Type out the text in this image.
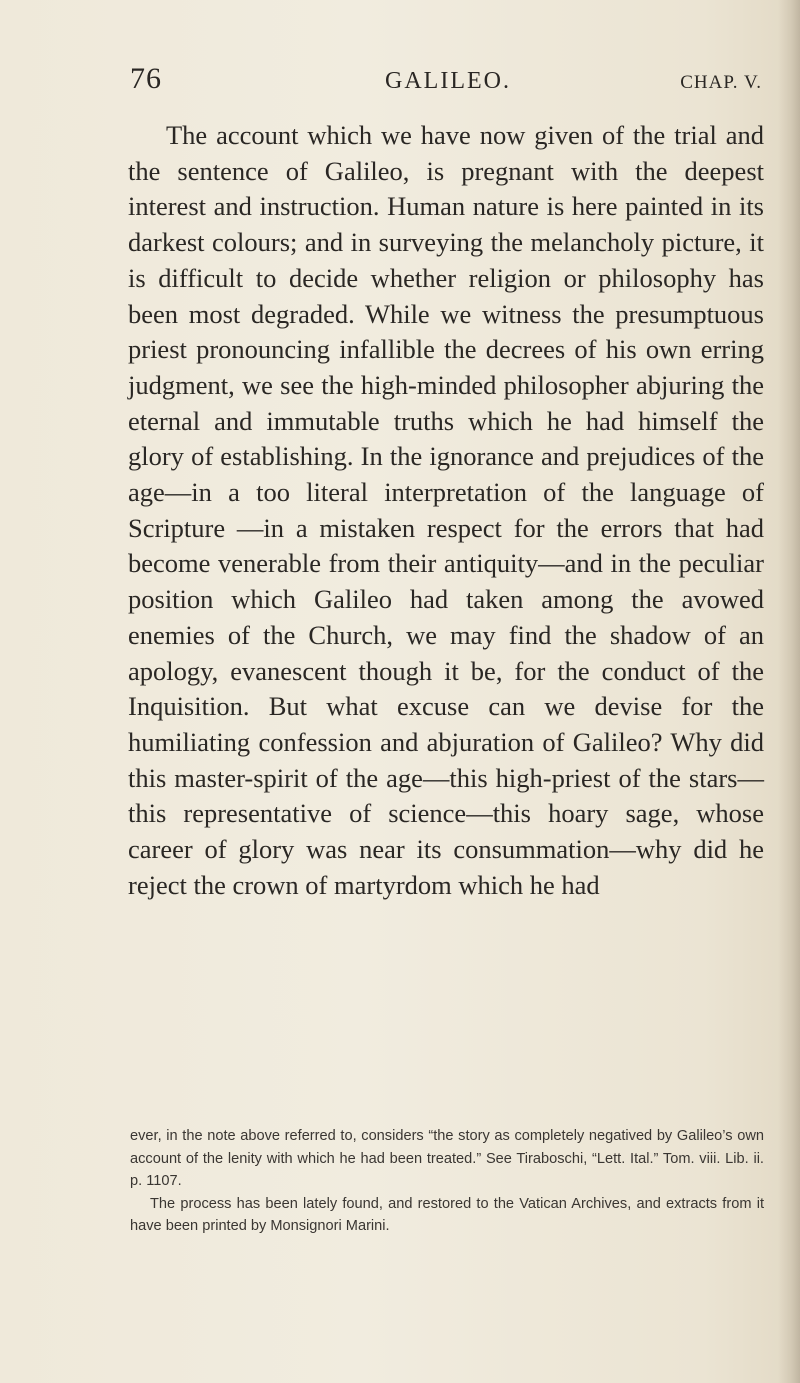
76	GALILEO.	CHAP. V.

The account which we have now given of the trial and the sentence of Galileo, is pregnant with the deepest interest and instruction. Human nature is here painted in its darkest colours; and in surveying the melancholy picture, it is difficult to decide whether religion or philosophy has been most degraded. While we witness the presumptuous priest pronouncing infallible the decrees of his own erring judgment, we see the high-minded philosopher abjuring the eternal and immutable truths which he had himself the glory of establishing. In the ignorance and prejudices of the age—in a too literal interpretation of the language of Scripture —in a mistaken respect for the errors that had become venerable from their antiquity—and in the peculiar position which Galileo had taken among the avowed enemies of the Church, we may find the shadow of an apology, evanescent though it be, for the conduct of the Inquisition. But what excuse can we devise for the humiliating confession and abjuration of Galileo? Why did this master-spirit of the age—this high-priest of the stars—this representative of science—this hoary sage, whose career of glory was near its consummation—why did he reject the crown of martyrdom which he had

ever, in the note above referred to, considers “the story as completely negatived by Galileo’s own account of the lenity with which he had been treated.” See Tiraboschi, “Lett. Ital.” Tom. viii. Lib. ii. p. 1107.

The process has been lately found, and restored to the Vatican Archives, and extracts from it have been printed by Monsignori Marini.
